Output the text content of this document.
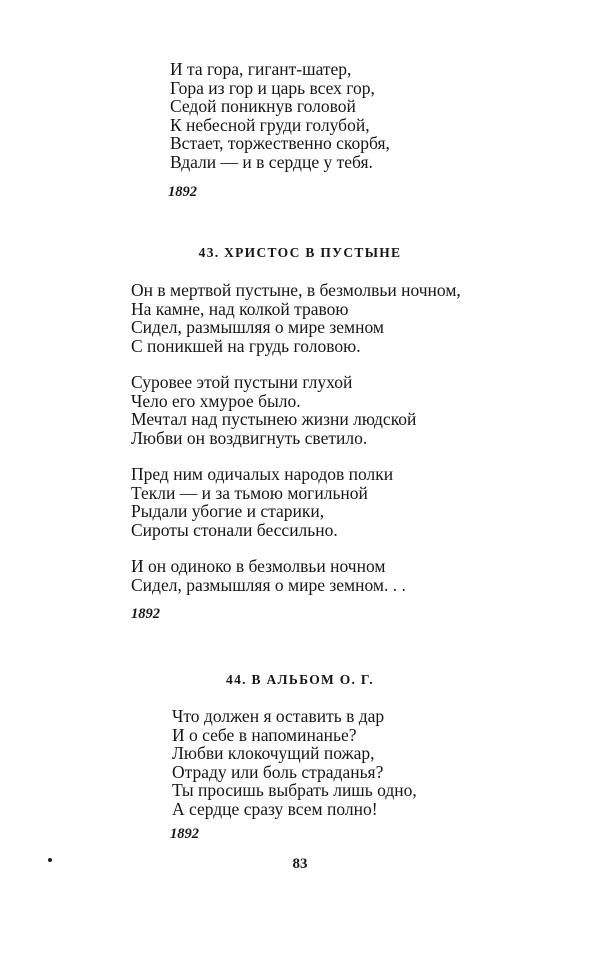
И та гора, гигант-шатер,
Гора из гор и царь всех гор,
Седой поникнув головой
К небесной груди голубой,
Встает, торжественно скорбя,
Вдали — и в сердце у тебя.
1892
43. ХРИСТОС В ПУСТЫНЕ
Он в мертвой пустыне, в безмолвьи ночном,
На камне, над колкой травою
Сидел, размышляя о мире земном
С поникшей на грудь головою.
Суровее этой пустыни глухой
Чело его хмурое было.
Мечтал над пустынею жизни людской
Любви он воздвигнуть светило.
Пред ним одичалых народов полки
Текли — и за тьмою могильной
Рыдали убогие и старики,
Сироты стонали бессильно.
И он одиноко в безмолвьи ночном
Сидел, размышляя о мире земном. . .
1892
44. В АЛЬБОМ О. Г.
Что должен я оставить в дар
И о себе в напоминанье?
Любви клокочущий пожар,
Отраду или боль страданья?
Ты просишь выбрать лишь одно,
А сердце сразу всем полно!
1892
83
